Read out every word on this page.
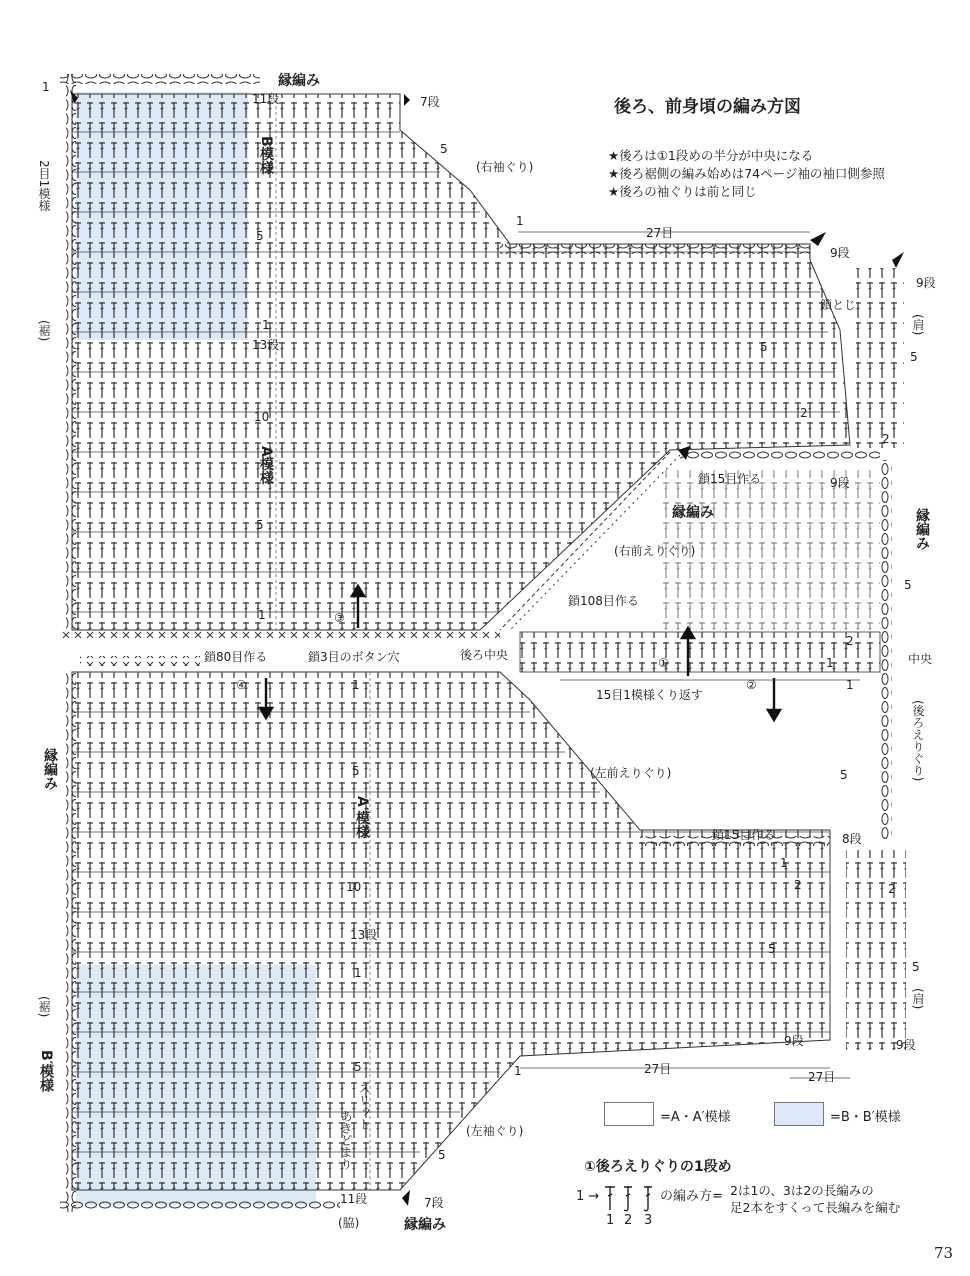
後ろ、前身頃の編み方図
★後ろは①1段めの半分が中央になる
★後ろ裾側の編み始めは74ページ袖の袖口側参照
★後ろの袖ぐりは前と同じ
縁編み
1
11段	7段
B模様
2目1模様
(裾)
(右袖ぐり)
5
1
27目
9段
5
9段
(肩)
鎖とじ
1
13段	5
5
2
2
10
A模様	鎖15目作る	9段
縁編み	縁編み
5
(右前えりぐり)
5
鎖108目作る
1	③
2
鎖80目作る	鎖3目のボタン穴	後ろ中央
①	1	中央
④	1	②	1
15目1模様くり返す
(後ろえりぐり)
縁編み	5	(左前えりぐり)	5
A′模様	鎖15目作る	8段
1
10	2	2
13段
5
5
1
(肩)
(裾)
9段	9段
B′模様	5	27目
1	27目
スリット
あきどまり	(左袖ぐり)
5
11段	7段
(脇)	縁編み
=A・A′模様	=B・B′模様
①後ろえりぐりの1段め
1 →
1 2 3
の編み方= 2は1の、3は2の長編みの
足2本をすくって長編みを編む
73
